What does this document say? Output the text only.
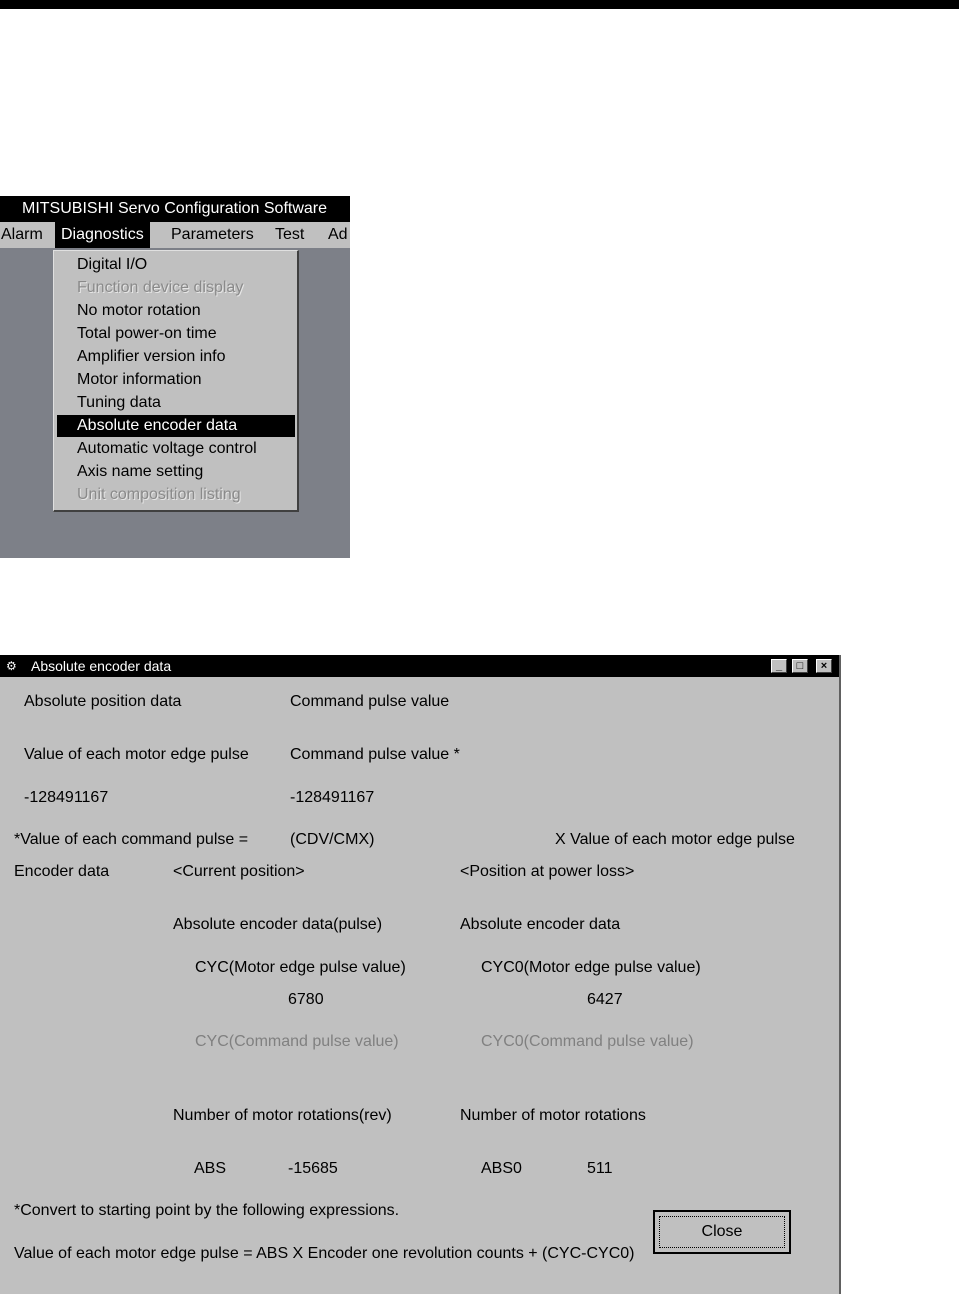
MITSUBISHI Servo Configuration Software
Alarm	Diagnostics	Parameters Test Ad
Digital I/O
Function device display
No motor rotation
Total power-on time
Amplifier version info
Motor information
Tuning data
Absolute encoder data
Automatic voltage control
Axis name setting
Unit composition listing
⚙ Absolute encoder data	_	□	×
Absolute position data	Command pulse value
Value of each motor edge pulse	Command pulse value *
-128491167	-128491167
*Value of each command pulse =	(CDV/CMX)	X Value of each motor edge pulse
Encoder data	<Current position>	<Position at power loss>
Absolute encoder data(pulse)	Absolute encoder data
CYC(Motor edge pulse value)	CYC0(Motor edge pulse value)
6780	6427
CYC(Command pulse value)	CYC0(Command pulse value)
Number of motor rotations(rev)	Number of motor rotations
ABS	-15685	ABS0	511
*Convert to starting point by the following expressions.
Value of each motor edge pulse = ABS X Encoder one revolution counts + (CYC-CYC0)
Close
